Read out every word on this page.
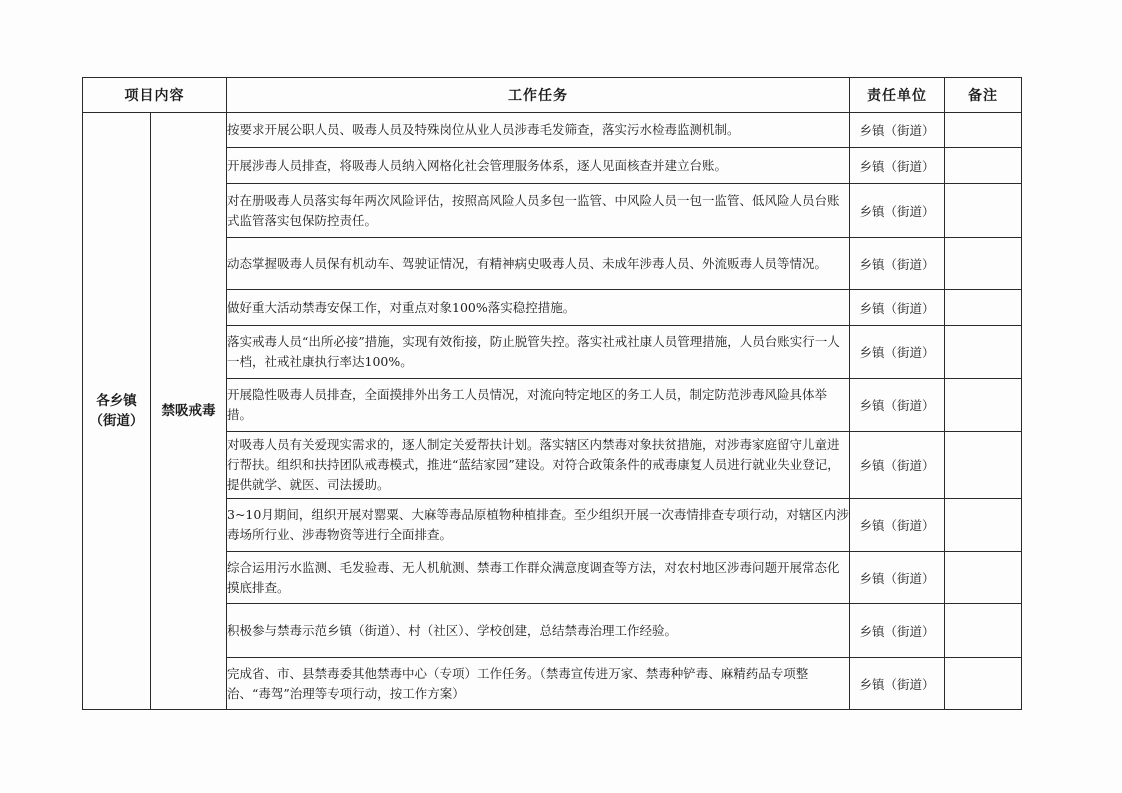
项目内容		工作任务	责任单位	备注

各乡镇
（街道）	禁吸戒毒	按要求开展公职人员、吸毒人员及特殊岗位从业人员涉毒毛发筛查，落实污水检毒监测机制。	乡镇（街道）	
		开展涉毒人员排查，将吸毒人员纳入网格化社会管理服务体系，逐人见面核查并建立台账。	乡镇（街道）	
		对在册吸毒人员落实每年两次风险评估，按照高风险人员多包一监管、中风险人员一包一监管、低风险人员台账式监管落实包保防控责任。	乡镇（街道）	
		动态掌握吸毒人员保有机动车、驾驶证情况，有精神病史吸毒人员、未成年涉毒人员、外流贩毒人员等情况。	乡镇（街道）	
		做好重大活动禁毒安保工作，对重点对象100%落实稳控措施。	乡镇（街道）	
		落实戒毒人员“出所必接”措施，实现有效衔接，防止脱管失控。落实社戒社康人员管理措施，人员台账实行一人一档，社戒社康执行率达100%。	乡镇（街道）	
		开展隐性吸毒人员排查，全面摸排外出务工人员情况，对流向特定地区的务工人员，制定防范涉毒风险具体举措。	乡镇（街道）	
		对吸毒人员有关爱现实需求的，逐人制定关爱帮扶计划。落实辖区内禁毒对象扶贫措施，对涉毒家庭留守儿童进行帮扶。组织和扶持团队戒毒模式，推进“蓝结家园”建设。对符合政策条件的戒毒康复人员进行就业失业登记，提供就学、就医、司法援助。	乡镇（街道）	
		3~10月期间，组织开展对罂粟、大麻等毒品原植物种植排查。至少组织开展一次毒情排查专项行动，对辖区内涉毒场所行业、涉毒物资等进行全面排查。	乡镇（街道）	
		综合运用污水监测、毛发验毒、无人机航测、禁毒工作群众满意度调查等方法，对农村地区涉毒问题开展常态化摸底排查。	乡镇（街道）	
		积极参与禁毒示范乡镇（街道）、村（社区）、学校创建，总结禁毒治理工作经验。	乡镇（街道）	
		完成省、市、县禁毒委其他禁毒中心（专项）工作任务。（禁毒宣传进万家、禁毒种铲毒、麻精药品专项整治、“毒驾”治理等专项行动，按工作方案）	乡镇（街道）	
